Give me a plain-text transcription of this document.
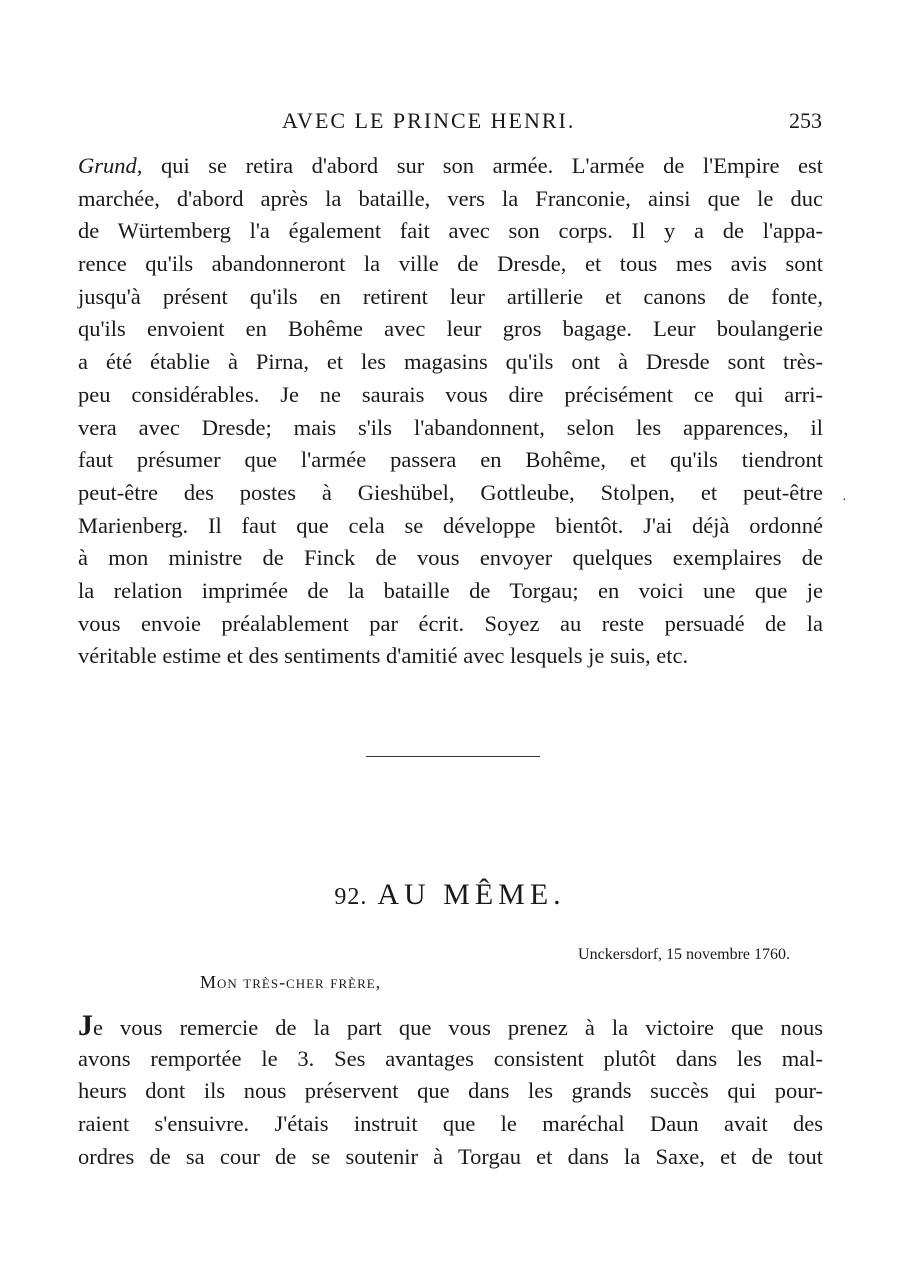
AVEC LE PRINCE HENRI.	253
Grund, qui se retira d'abord sur son armée. L'armée de l'Empire est
marchée, d'abord après la bataille, vers la Franconie, ainsi que le duc
de Würtemberg l'a également fait avec son corps. Il y a de l'appa-
rence qu'ils abandonneront la ville de Dresde, et tous mes avis sont
jusqu'à présent qu'ils en retirent leur artillerie et canons de fonte,
qu'ils envoient en Bohême avec leur gros bagage. Leur boulangerie
a été établie à Pirna, et les magasins qu'ils ont à Dresde sont très-
peu considérables. Je ne saurais vous dire précisément ce qui arri-
vera avec Dresde; mais s'ils l'abandonnent, selon les apparences, il
faut présumer que l'armée passera en Bohême, et qu'ils tiendront
peut-être des postes à Gieshübel, Gottleube, Stolpen, et peut-être
Marienberg. Il faut que cela se développe bientôt. J'ai déjà ordonné
à mon ministre de Finck de vous envoyer quelques exemplaires de
la relation imprimée de la bataille de Torgau; en voici une que je
vous envoie préalablement par écrit. Soyez au reste persuadé de la
véritable estime et des sentiments d'amitié avec lesquels je suis, etc.
·
92. AU MÊME.
Unckersdorf, 15 novembre 1760.
Mon très-cher frère,
Je vous remercie de la part que vous prenez à la victoire que nous
avons remportée le 3. Ses avantages consistent plutôt dans les mal-
heurs dont ils nous préservent que dans les grands succès qui pour-
raient s'ensuivre. J'étais instruit que le maréchal Daun avait des
ordres de sa cour de se soutenir à Torgau et dans la Saxe, et de tout
